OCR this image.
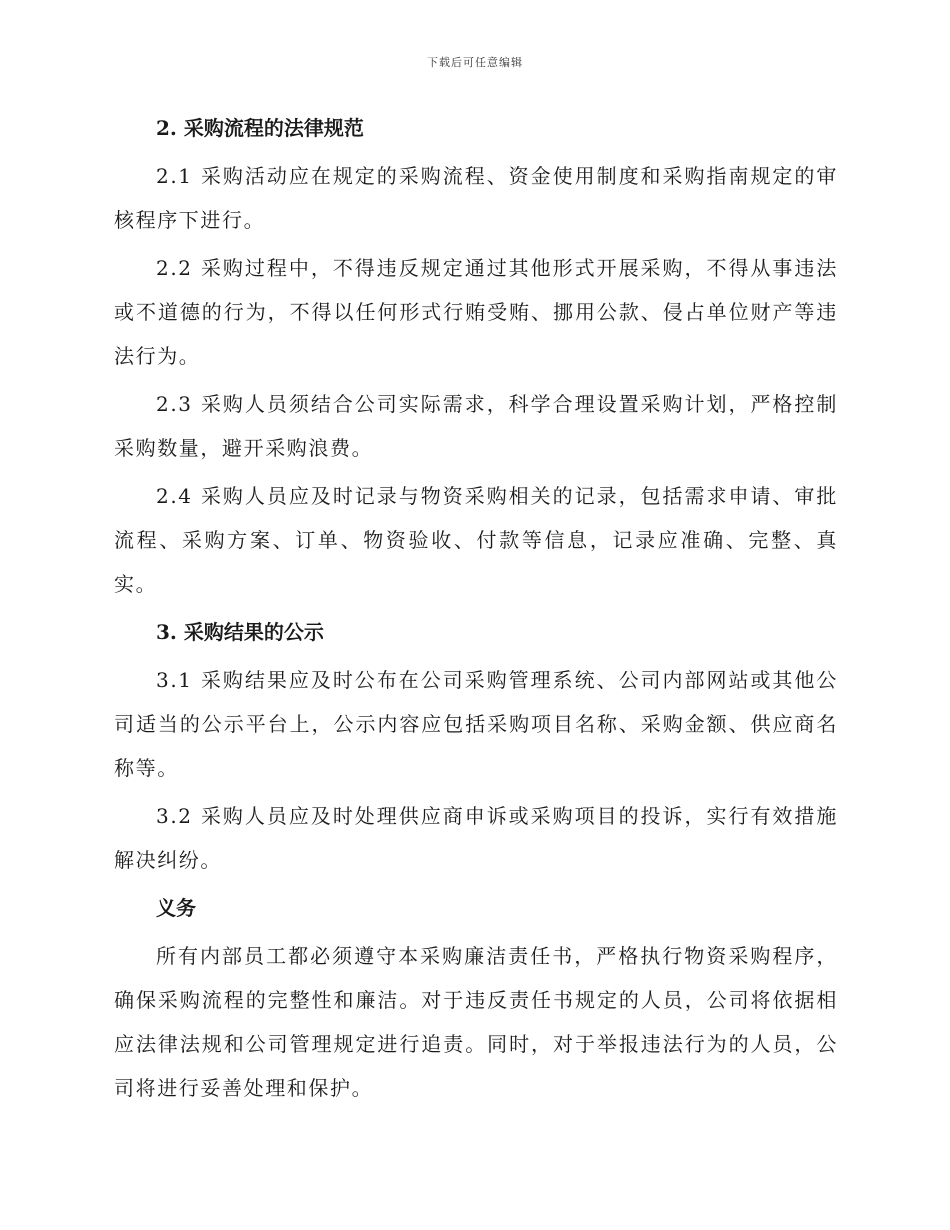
下载后可任意编辑
2. 采购流程的法律规范

2.1 采购活动应在规定的采购流程、资金使用制度和采购指南规定的审核程序下进行。

2.2 采购过程中，不得违反规定通过其他形式开展采购，不得从事违法或不道德的行为，不得以任何形式行贿受贿、挪用公款、侵占单位财产等违法行为。

2.3 采购人员须结合公司实际需求，科学合理设置采购计划，严格控制采购数量，避开采购浪费。

2.4 采购人员应及时记录与物资采购相关的记录，包括需求申请、审批流程、采购方案、订单、物资验收、付款等信息，记录应准确、完整、真实。

3. 采购结果的公示

3.1 采购结果应及时公布在公司采购管理系统、公司内部网站或其他公司适当的公示平台上，公示内容应包括采购项目名称、采购金额、供应商名称等。

3.2 采购人员应及时处理供应商申诉或采购项目的投诉，实行有效措施解决纠纷。

义务

所有内部员工都必须遵守本采购廉洁责任书，严格执行物资采购程序，确保采购流程的完整性和廉洁。对于违反责任书规定的人员，公司将依据相应法律法规和公司管理规定进行追责。同时，对于举报违法行为的人员，公司将进行妥善处理和保护。
